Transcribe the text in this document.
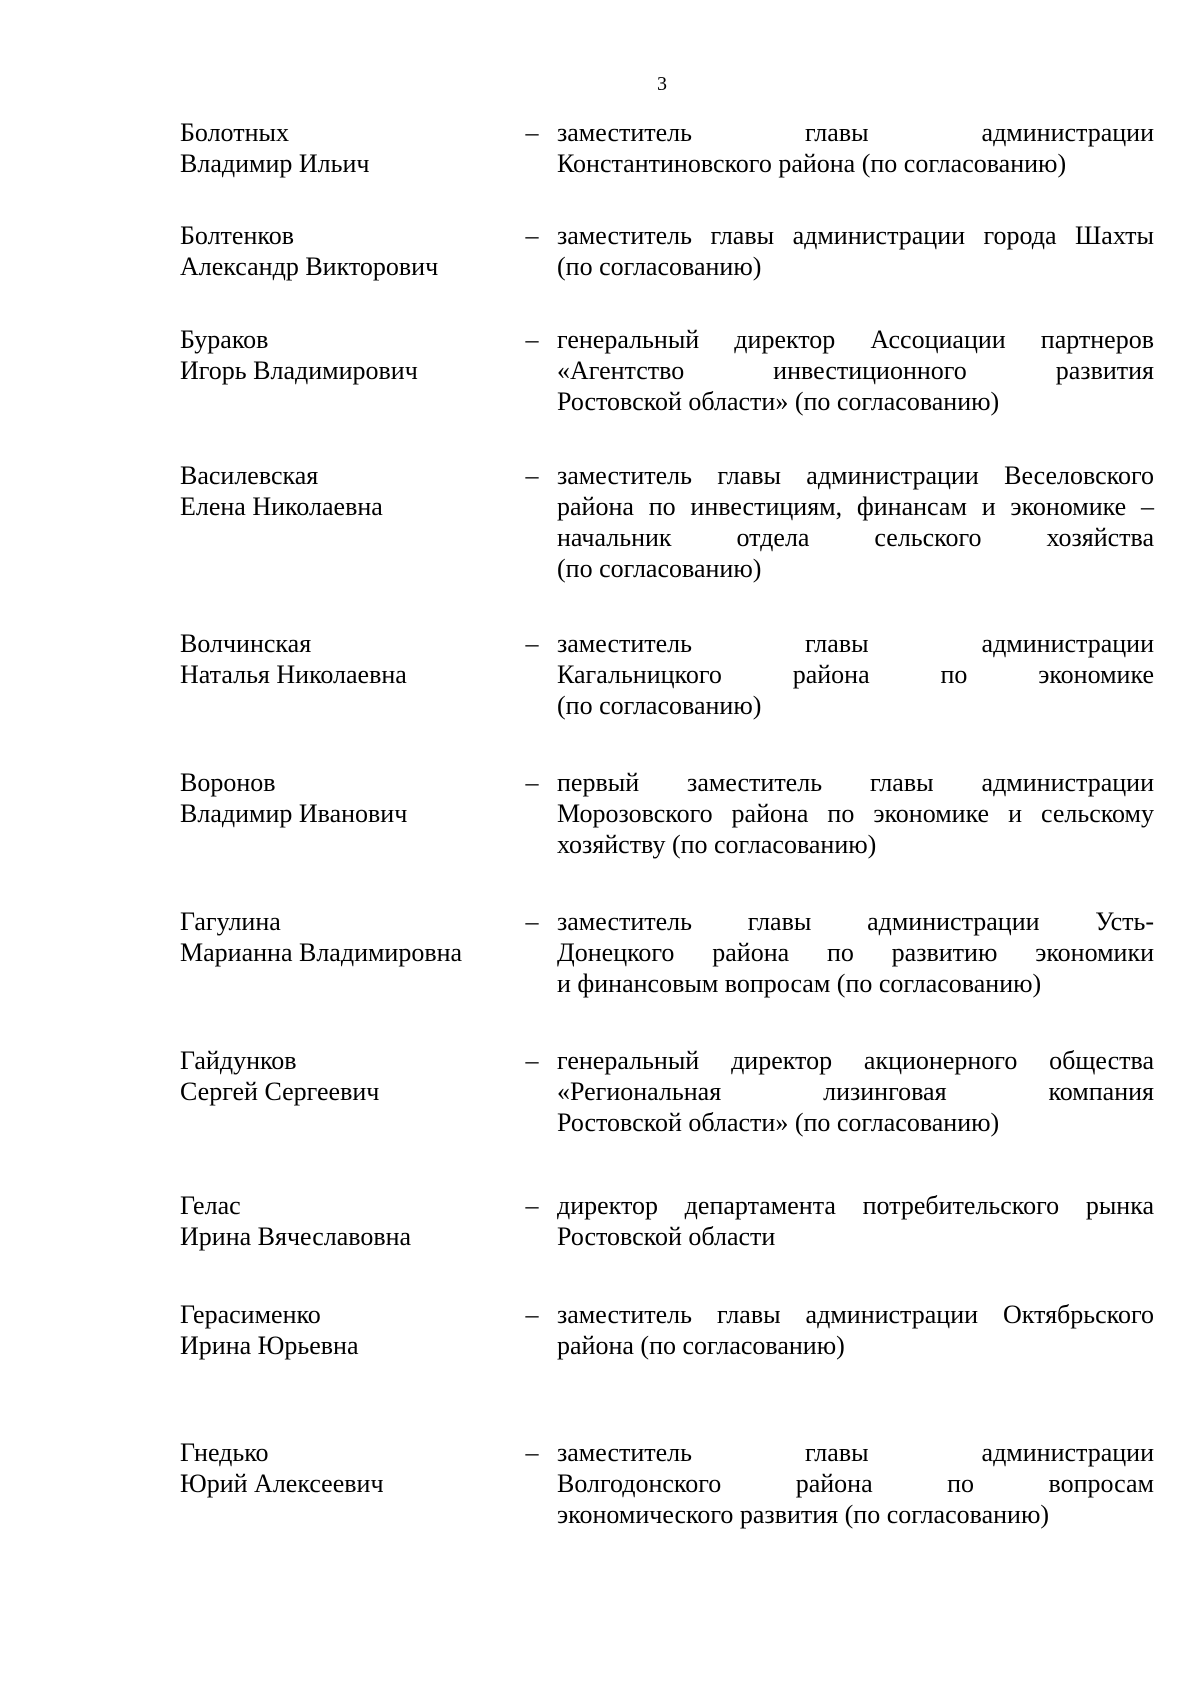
3
Болотных
Владимир Ильич
– заместитель главы администрации
Константиновского района (по согласованию)
Болтенков
Александр Викторович
– заместитель главы администрации города Шахты
(по согласованию)
Бураков
Игорь Владимирович
– генеральный директор Ассоциации партнеров
«Агентство инвестиционного развития
Ростовской области» (по согласованию)
Василевская
Елена Николаевна
– заместитель главы администрации Веселовского
района по инвестициям, финансам и экономике –
начальник отдела сельского хозяйства
(по согласованию)
Волчинская
Наталья Николаевна
– заместитель главы администрации
Кагальницкого района по экономике
(по согласованию)
Воронов
Владимир Иванович
– первый заместитель главы администрации
Морозовского района по экономике и сельскому
хозяйству (по согласованию)
Гагулина
Марианна Владимировна
– заместитель главы администрации Усть-
Донецкого района по развитию экономики
и финансовым вопросам (по согласованию)
Гайдунков
Сергей Сергеевич
– генеральный директор акционерного общества
«Региональная лизинговая компания
Ростовской области» (по согласованию)
Гелас
Ирина Вячеславовна
– директор департамента потребительского рынка
Ростовской области
Герасименко
Ирина Юрьевна
– заместитель главы администрации Октябрьского
района (по согласованию)
Гнедько
Юрий Алексеевич
– заместитель главы администрации
Волгодонского района по вопросам
экономического развития (по согласованию)
